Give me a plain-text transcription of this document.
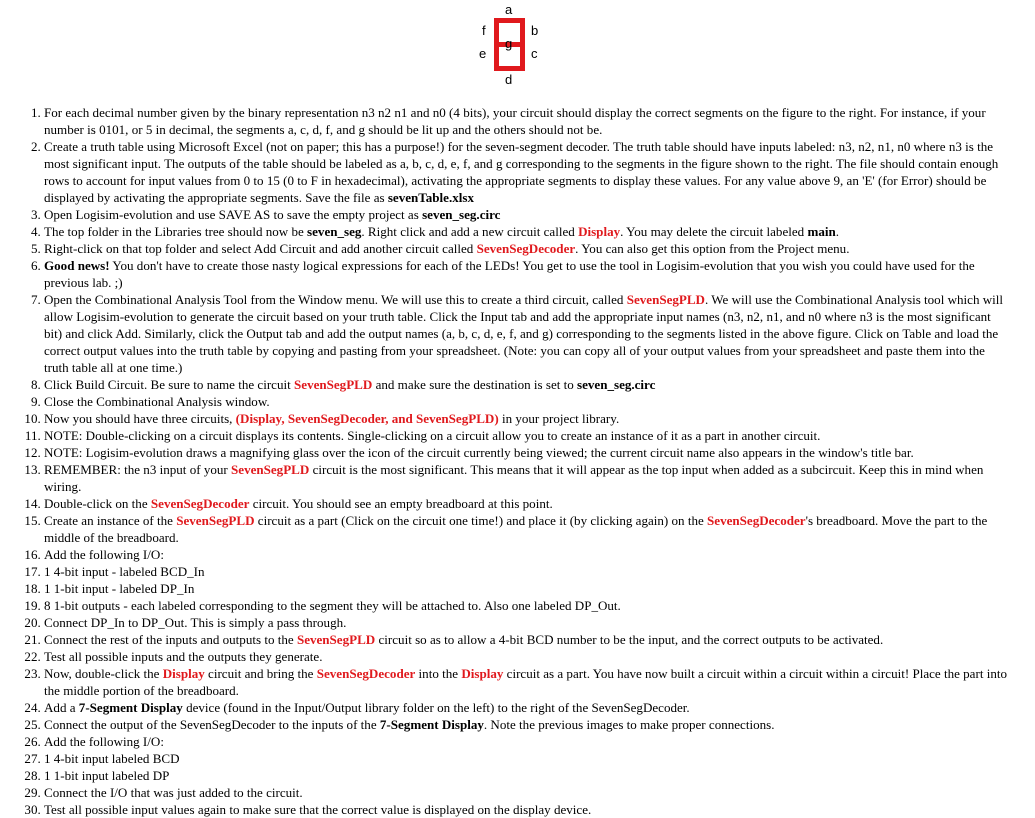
a
f	b
g
e	c
d
1. For each decimal number given by the binary representation n3 n2 n1 and n0 (4 bits), your circuit should display the correct segments on the figure to the right. For instance, if your number is 0101, or 5 in decimal, the segments a, c, d, f, and g should be lit up and the others should not be.
2. Create a truth table using Microsoft Excel (not on paper; this has a purpose!) for the seven-segment decoder. The truth table should have inputs labeled: n3, n2, n1, n0 where n3 is the most significant input. The outputs of the table should be labeled as a, b, c, d, e, f, and g corresponding to the segments in the figure shown to the right. The file should contain enough rows to account for input values from 0 to 15 (0 to F in hexadecimal), activating the appropriate segments to display these values. For any value above 9, an 'E' (for Error) should be displayed by activating the appropriate segments. Save the file as sevenTable.xlsx
3. Open Logisim-evolution and use SAVE AS to save the empty project as seven_seg.circ
4. The top folder in the Libraries tree should now be seven_seg. Right click and add a new circuit called Display. You may delete the circuit labeled main.
5. Right-click on that top folder and select Add Circuit and add another circuit called SevenSegDecoder. You can also get this option from the Project menu.
6. Good news! You don't have to create those nasty logical expressions for each of the LEDs! You get to use the tool in Logisim-evolution that you wish you could have used for the previous lab. ;)
7. Open the Combinational Analysis Tool from the Window menu. We will use this to create a third circuit, called SevenSegPLD. We will use the Combinational Analysis tool which will allow Logisim-evolution to generate the circuit based on your truth table. Click the Input tab and add the appropriate input names (n3, n2, n1, and n0 where n3 is the most significant bit) and click Add. Similarly, click the Output tab and add the output names (a, b, c, d, e, f, and g) corresponding to the segments listed in the above figure. Click on Table and load the correct output values into the truth table by copying and pasting from your spreadsheet. (Note: you can copy all of your output values from your spreadsheet and paste them into the truth table all at one time.)
8. Click Build Circuit. Be sure to name the circuit SevenSegPLD and make sure the destination is set to seven_seg.circ
9. Close the Combinational Analysis window.
10. Now you should have three circuits, (Display, SevenSegDecoder, and SevenSegPLD) in your project library.
11. NOTE: Double-clicking on a circuit displays its contents. Single-clicking on a circuit allow you to create an instance of it as a part in another circuit.
12. NOTE: Logisim-evolution draws a magnifying glass over the icon of the circuit currently being viewed; the current circuit name also appears in the window's title bar.
13. REMEMBER: the n3 input of your SevenSegPLD circuit is the most significant. This means that it will appear as the top input when added as a subcircuit. Keep this in mind when wiring.
14. Double-click on the SevenSegDecoder circuit. You should see an empty breadboard at this point.
15. Create an instance of the SevenSegPLD circuit as a part (Click on the circuit one time!) and place it (by clicking again) on the SevenSegDecoder's breadboard. Move the part to the middle of the breadboard.
16. Add the following I/O:
17. 1 4-bit input - labeled BCD_In
18. 1 1-bit input - labeled DP_In
19. 8 1-bit outputs - each labeled corresponding to the segment they will be attached to. Also one labeled DP_Out.
20. Connect DP_In to DP_Out. This is simply a pass through.
21. Connect the rest of the inputs and outputs to the SevenSegPLD circuit so as to allow a 4-bit BCD number to be the input, and the correct outputs to be activated.
22. Test all possible inputs and the outputs they generate.
23. Now, double-click the Display circuit and bring the SevenSegDecoder into the Display circuit as a part. You have now built a circuit within a circuit within a circuit! Place the part into the middle portion of the breadboard.
24. Add a 7-Segment Display device (found in the Input/Output library folder on the left) to the right of the SevenSegDecoder.
25. Connect the output of the SevenSegDecoder to the inputs of the 7-Segment Display. Note the previous images to make proper connections.
26. Add the following I/O:
27. 1 4-bit input labeled BCD
28. 1 1-bit input labeled DP
29. Connect the I/O that was just added to the circuit.
30. Test all possible input values again to make sure that the correct value is displayed on the display device.
